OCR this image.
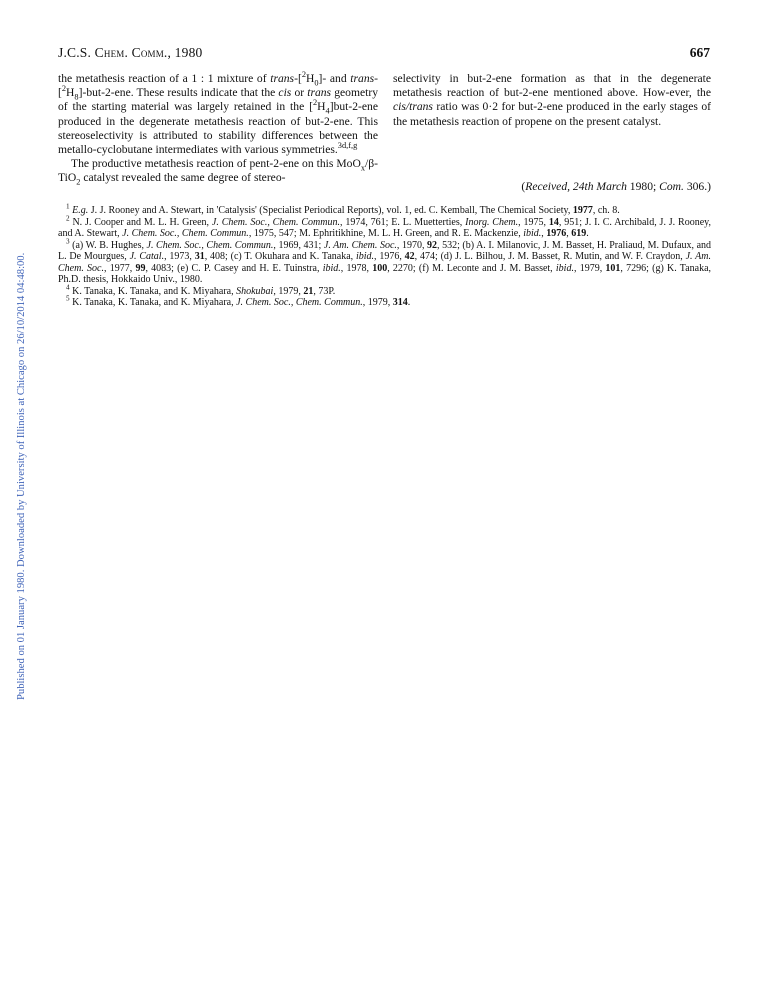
J.C.S. Chem. Comm., 1980	667

the metathesis reaction of a 1 : 1 mixture of trans-$[^2H_0]-$ and trans-$[^2H_8]-but-2$-ene. These results indicate that the cis or trans geometry of the starting material was largely retained in the $[^2H_4]but-2$-ene produced in the degenerate metathesis reaction of but-2-ene. This stereoselectivity is attributed to stability differences between the metallo-cyclobutane intermediates with various symmetries.$^{3d,f,g}$

The productive metathesis reaction of pent-2-ene on this MoO$_x$/β-TiO$_2$ catalyst revealed the same degree of stereo-

selectivity in but-2-ene formation as that in the degenerate metathesis reaction of but-2-ene mentioned above. How-ever, the cis/trans ratio was 0·2 for but-2-ene produced in the early stages of the metathesis reaction of propene on the present catalyst.

(Received, 24th March 1980; Com. 306.)

$^1$ E.g. J. J. Rooney and A. Stewart, in 'Catalysis' (Specialist Periodical Reports), vol. 1, ed. C. Kemball, The Chemical Society, 1977, ch. 8.

$^2$ N. J. Cooper and M. L. H. Green, J. Chem. Soc., Chem. Commun., 1974, 761; E. L. Muetterties, Inorg. Chem., 1975, 14, 951; J. I. C. Archibald, J. J. Rooney, and A. Stewart, J. Chem. Soc., Chem. Commun., 1975, 547; M. Ephritikhine, M. L. H. Green, and R. E. Mackenzie, ibid., 1976, 619.

$^3$ (a) W. B. Hughes, J. Chem. Soc., Chem. Commun., 1969, 431; J. Am. Chem. Soc., 1970, 92, 532; (b) A. I. Milanovic, J. M. Basset, H. Praliaud, M. Dufaux, and L. De Mourgues, J. Catal., 1973, 31, 408; (c) T. Okuhara and K. Tanaka, ibid., 1976, 42, 474; (d) J. L. Bilhou, J. M. Basset, R. Mutin, and W. F. Craydon, J. Am. Chem. Soc., 1977, 99, 4083; (e) C. P. Casey and H. E. Tuinstra, ibid., 1978, 100, 2270; (f) M. Leconte and J. M. Basset, ibid., 1979, 101, 7296; (g) K. Tanaka, Ph.D. thesis, Hokkaido Univ., 1980.

$^4$ K. Tanaka, K. Tanaka, and K. Miyahara, Shokubai, 1979, 21, 73P.

$^5$ K. Tanaka, K. Tanaka, and K. Miyahara, J. Chem. Soc., Chem. Commun., 1979, 314.

Published on 01 January 1980. Downloaded by University of Illinois at Chicago on 26/10/2014 04:48:00.
